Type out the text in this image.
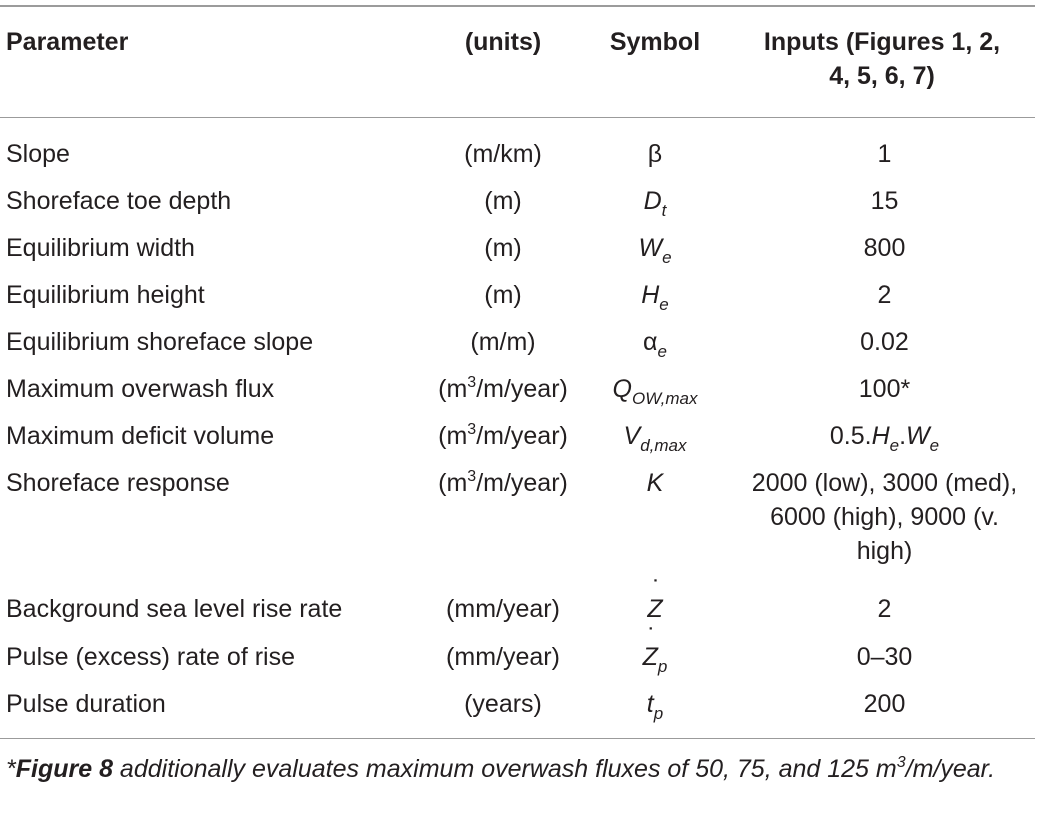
Parameter	(units)	Symbol	Inputs (Figures 1, 2,
4, 5, 6, 7)
Slope	(m/km)	β	1
Shoreface toe depth	(m)	$D_t$	15
Equilibrium width	(m)	$W_e$	800
Equilibrium height	(m)	$H_e$	2
Equilibrium shoreface slope	(m/m)	$\alpha_e$	0.02
Maximum overwash flux	$(m^3/m/year)$	$Q_{OW,max}$	100*
Maximum deficit volume	$(m^3/m/year)$	$V_{d,max}$	$0.5.H_e.W_e$
Shoreface response	$(m^3/m/year)$	K	2000 (low), 3000 (med),
6000 (high), 9000 (v.
high)
Background sea level rise rate	(mm/year)	˙ Z	2
Pulse (excess) rate of rise	(mm/year)	˙ $Z_p$	0–30
Pulse duration	(years)	$t_p$	200
*Figure 8 additionally evaluates maximum overwash fluxes of 50, 75, and 125 $m^3/m$/year.
